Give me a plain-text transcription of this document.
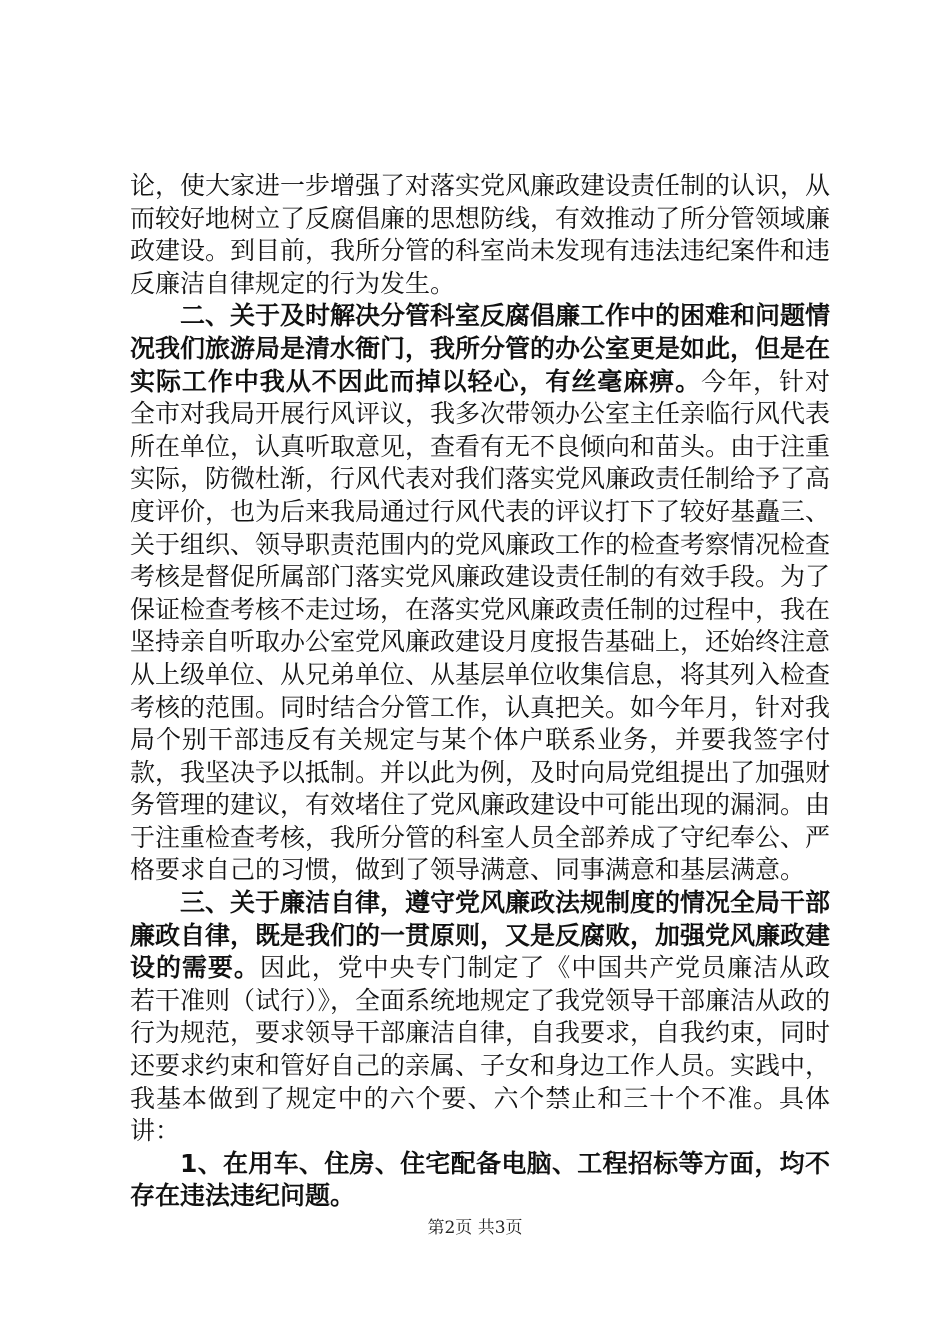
论，使大家进一步增强了对落实党风廉政建设责任制的认识，从而较好地树立了反腐倡廉的思想防线，有效推动了所分管领域廉政建设。到目前，我所分管的科室尚未发现有违法违纪案件和违反廉洁自律规定的行为发生。

二、关于及时解决分管科室反腐倡廉工作中的困难和问题情况我们旅游局是清水衙门，我所分管的办公室更是如此，但是在实际工作中我从不因此而掉以轻心，有丝毫麻痹。今年，针对全市对我局开展行风评议，我多次带领办公室主任亲临行风代表所在单位，认真听取意见，查看有无不良倾向和苗头。由于注重实际，防微杜渐，行风代表对我们落实党风廉政责任制给予了高度评价，也为后来我局通过行风代表的评议打下了较好基矗三、关于组织、领导职责范围内的党风廉政工作的检查考察情况检查考核是督促所属部门落实党风廉政建设责任制的有效手段。为了保证检查考核不走过场，在落实党风廉政责任制的过程中，我在坚持亲自听取办公室党风廉政建设月度报告基础上，还始终注意从上级单位、从兄弟单位、从基层单位收集信息，将其列入检查考核的范围。同时结合分管工作，认真把关。如今年月，针对我局个别干部违反有关规定与某个体户联系业务，并要我签字付款，我坚决予以抵制。并以此为例，及时向局党组提出了加强财务管理的建议，有效堵住了党风廉政建设中可能出现的漏洞。由于注重检查考核，我所分管的科室人员全部养成了守纪奉公、严格要求自己的习惯，做到了领导满意、同事满意和基层满意。

三、关于廉洁自律，遵守党风廉政法规制度的情况全局干部廉政自律，既是我们的一贯原则，又是反腐败，加强党风廉政建设的需要。因此，党中央专门制定了《中国共产党员廉洁从政若干准则（试行）》，全面系统地规定了我党领导干部廉洁从政的行为规范，要求领导干部廉洁自律，自我要求，自我约束，同时还要求约束和管好自己的亲属、子女和身边工作人员。实践中，我基本做到了规定中的六个要、六个禁止和三十个不准。具体讲：

1、在用车、住房、住宅配备电脑、工程招标等方面，均不存在违法违纪问题。

第2页 共3页
